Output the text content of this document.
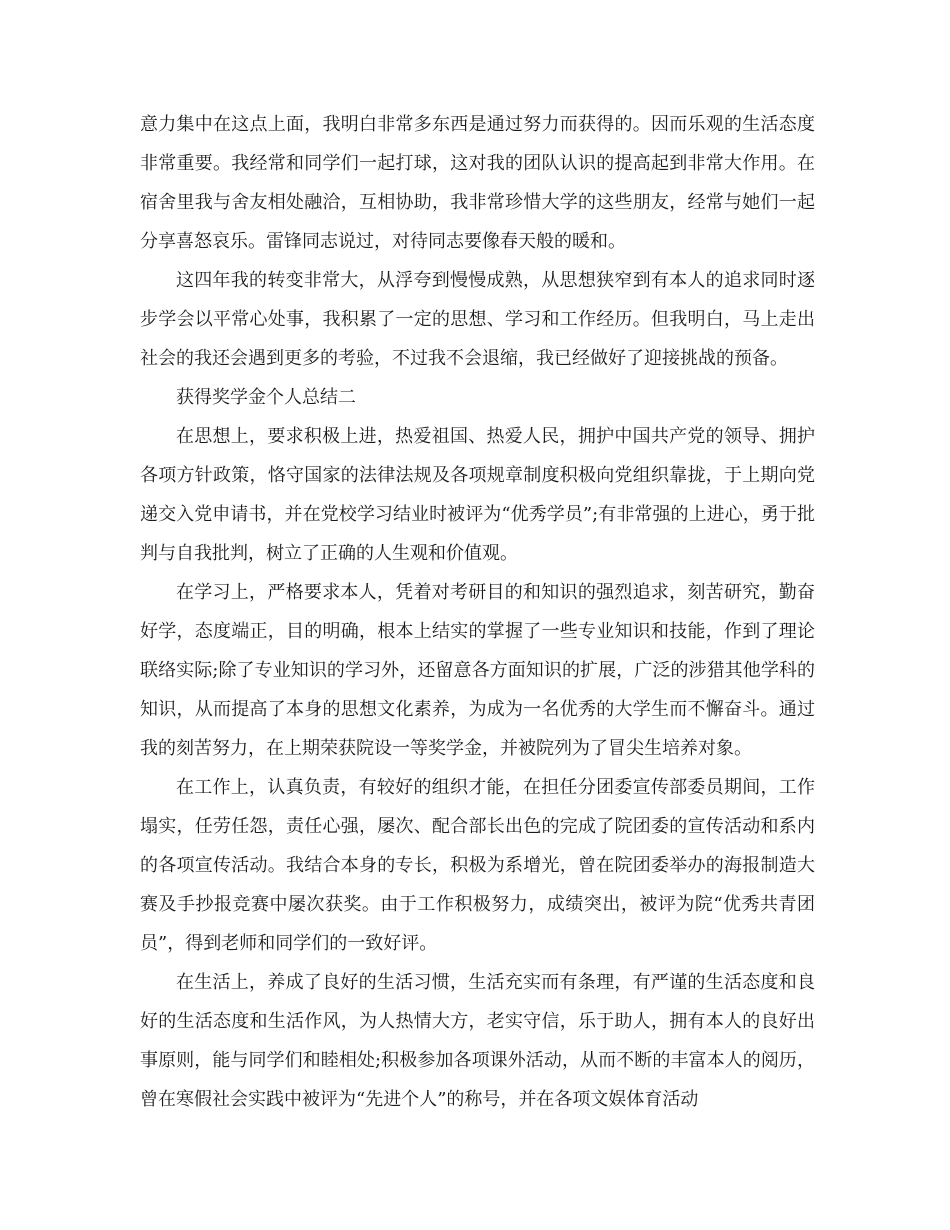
意力集中在这点上面，我明白非常多东西是通过努力而获得的。因而乐观的生活态度非常重要。我经常和同学们一起打球，这对我的团队认识的提高起到非常大作用。在宿舍里我与舍友相处融洽，互相协助，我非常珍惜大学的这些朋友，经常与她们一起分享喜怒哀乐。雷锋同志说过，对待同志要像春天般的暖和。

这四年我的转变非常大，从浮夸到慢慢成熟，从思想狭窄到有本人的追求同时逐步学会以平常心处事，我积累了一定的思想、学习和工作经历。但我明白，马上走出社会的我还会遇到更多的考验，不过我不会退缩，我已经做好了迎接挑战的预备。

获得奖学金个人总结二

在思想上，要求积极上进，热爱祖国、热爱人民，拥护中国共产党的领导、拥护各项方针政策，恪守国家的法律法规及各项规章制度积极向党组织靠拢，于上期向党递交入党申请书，并在党校学习结业时被评为“优秀学员”;有非常强的上进心，勇于批判与自我批判，树立了正确的人生观和价值观。

在学习上，严格要求本人，凭着对考研目的和知识的强烈追求，刻苦研究，勤奋好学，态度端正，目的明确，根本上结实的掌握了一些专业知识和技能，作到了理论联络实际;除了专业知识的学习外，还留意各方面知识的扩展，广泛的涉猎其他学科的知识，从而提高了本身的思想文化素养，为成为一名优秀的大学生而不懈奋斗。通过我的刻苦努力，在上期荣获院设一等奖学金，并被院列为了冒尖生培养对象。

在工作上，认真负责，有较好的组织才能，在担任分团委宣传部委员期间，工作塌实，任劳任怨，责任心强，屡次、配合部长出色的完成了院团委的宣传活动和系内的各项宣传活动。我结合本身的专长，积极为系增光，曾在院团委举办的海报制造大赛及手抄报竞赛中屡次获奖。由于工作积极努力，成绩突出，被评为院“优秀共青团员”，得到老师和同学们的一致好评。

在生活上，养成了良好的生活习惯，生活充实而有条理，有严谨的生活态度和良好的生活态度和生活作风，为人热情大方，老实守信，乐于助人，拥有本人的良好出事原则，能与同学们和睦相处;积极参加各项课外活动，从而不断的丰富本人的阅历，曾在寒假社会实践中被评为“先进个人”的称号，并在各项文娱体育活动
